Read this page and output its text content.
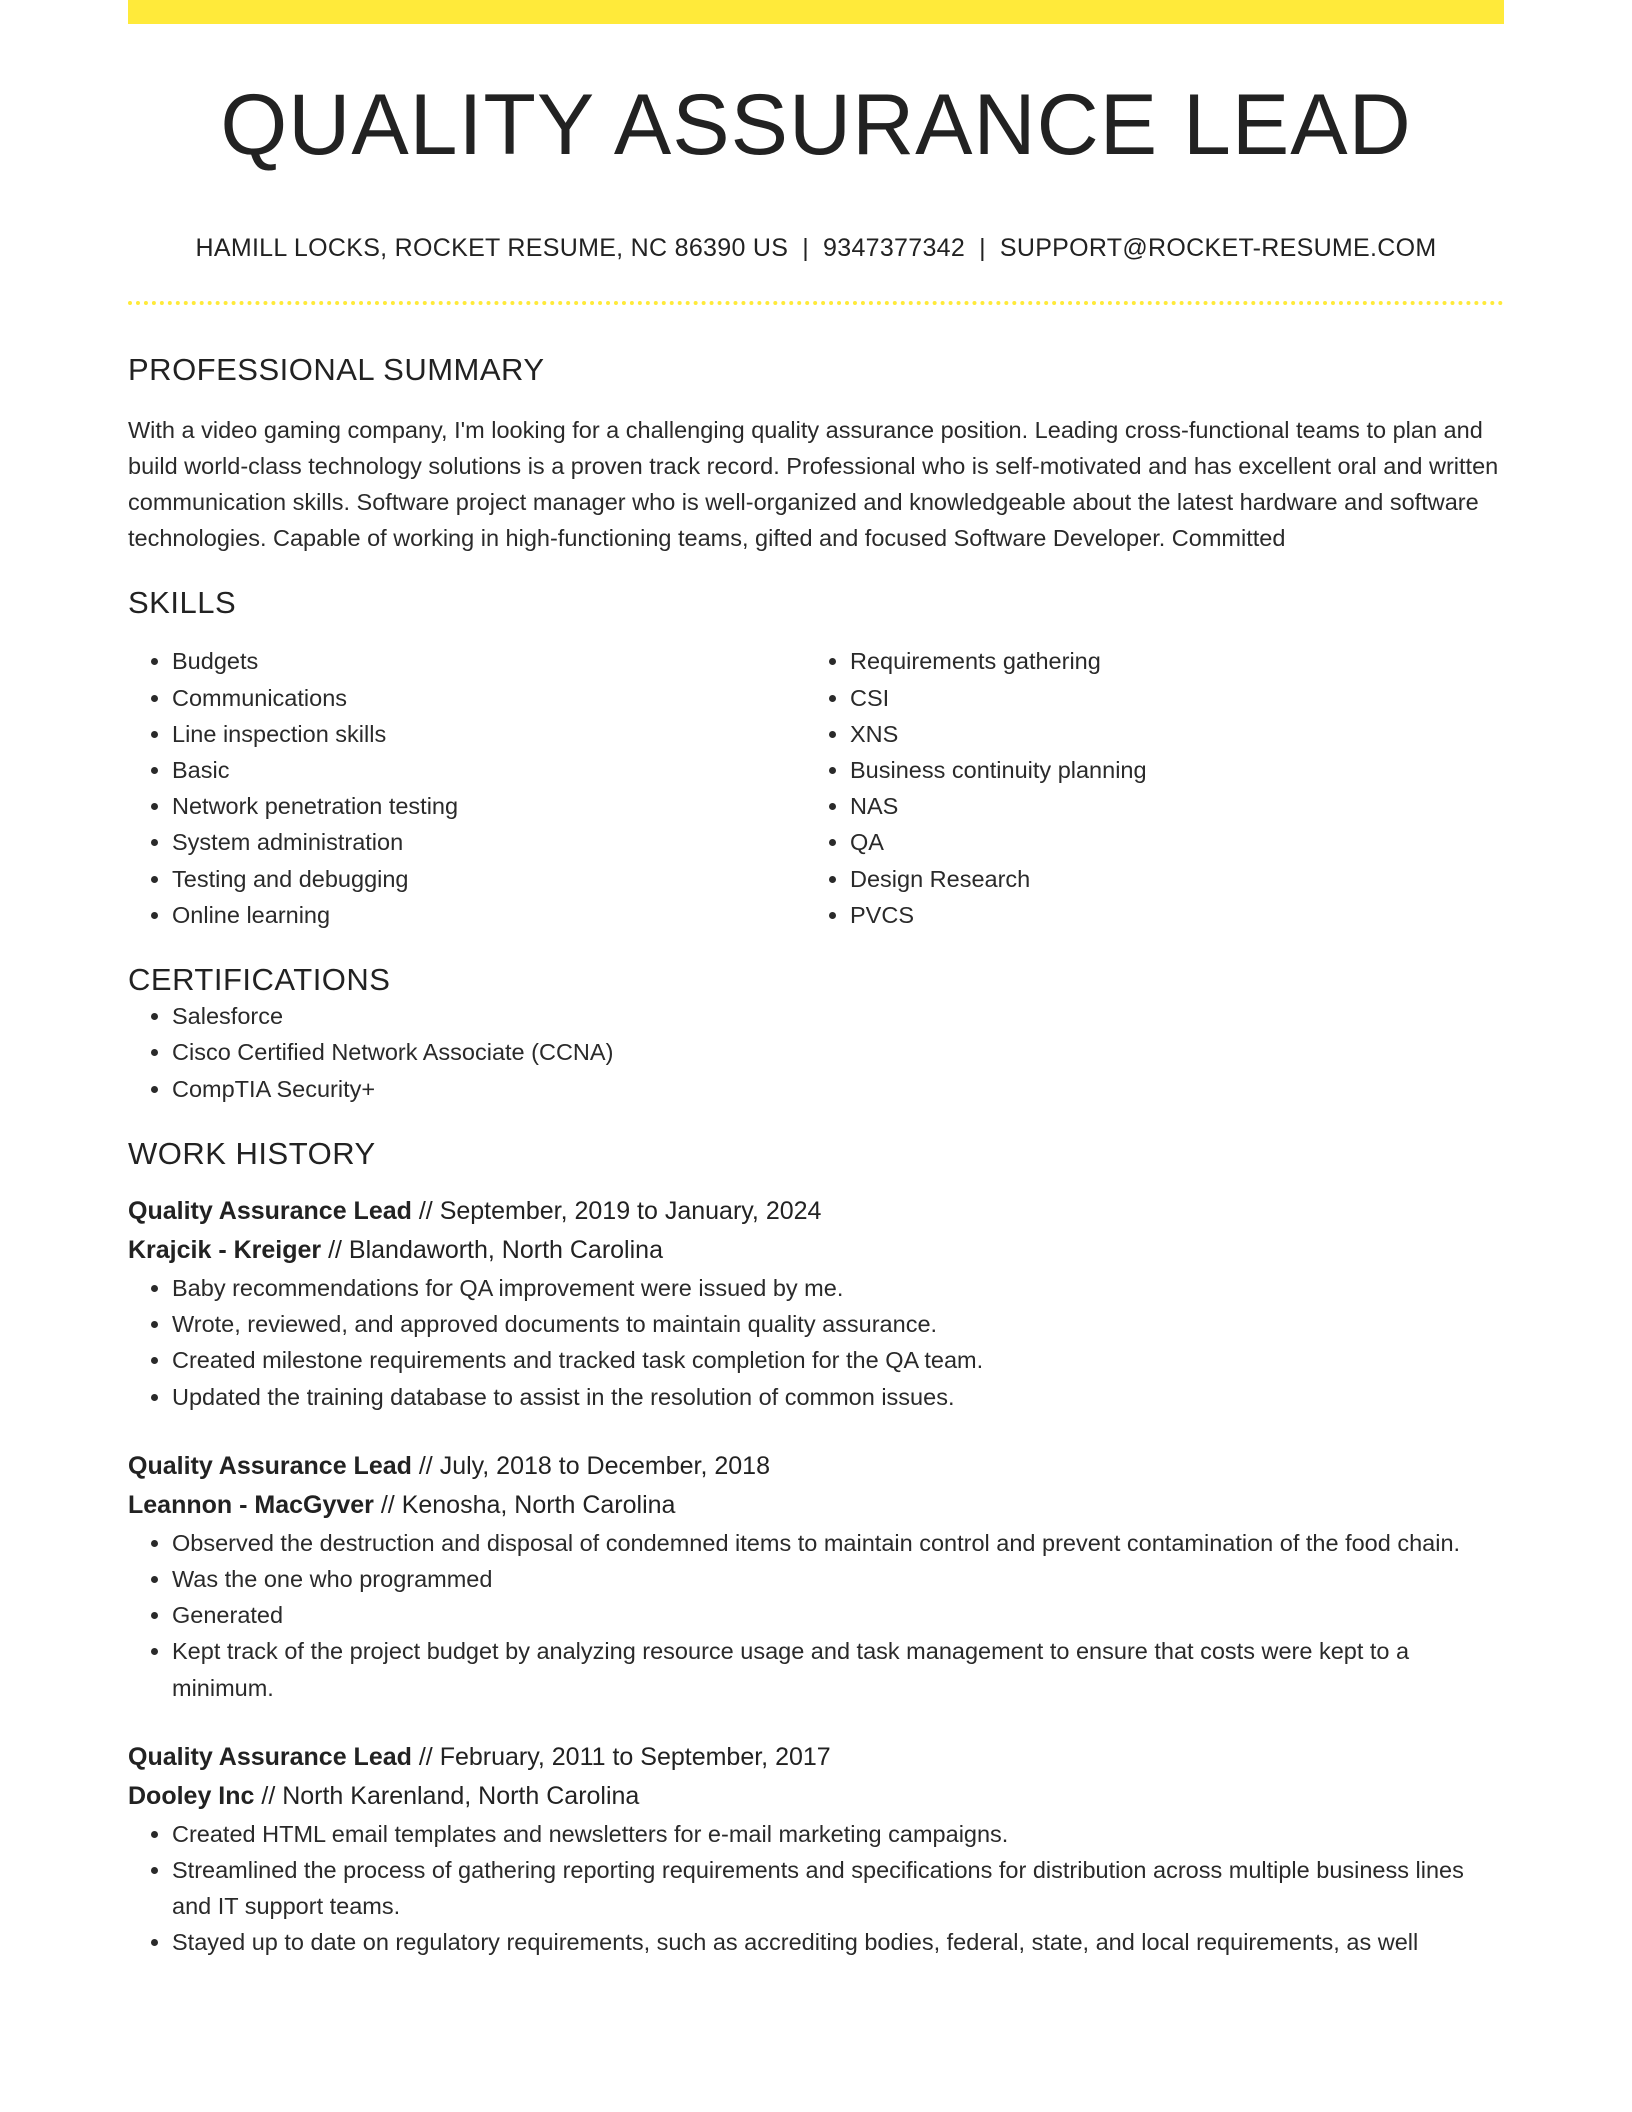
QUALITY ASSURANCE LEAD
HAMILL LOCKS, ROCKET RESUME, NC 86390 US | 9347377342 | SUPPORT@ROCKET-RESUME.COM
PROFESSIONAL SUMMARY

With a video gaming company, I'm looking for a challenging quality assurance position. Leading cross-functional teams to plan and build world-class technology solutions is a proven track record. Professional who is self-motivated and has excellent oral and written communication skills. Software project manager who is well-organized and knowledgeable about the latest hardware and software technologies. Capable of working in high-functioning teams, gifted and focused Software Developer. Committed

SKILLS
• Budgets
• Communications
• Line inspection skills
• Basic
• Network penetration testing
• System administration
• Testing and debugging
• Online learning
• Requirements gathering
• CSI
• XNS
• Business continuity planning
• NAS
• QA
• Design Research
• PVCS
CERTIFICATIONS
• Salesforce
• Cisco Certified Network Associate (CCNA)
• CompTIA Security+
WORK HISTORY
Quality Assurance Lead // September, 2019 to January, 2024
Krajcik - Kreiger // Blandaworth, North Carolina
• Baby recommendations for QA improvement were issued by me.
• Wrote, reviewed, and approved documents to maintain quality assurance.
• Created milestone requirements and tracked task completion for the QA team.
• Updated the training database to assist in the resolution of common issues.
Quality Assurance Lead // July, 2018 to December, 2018
Leannon - MacGyver // Kenosha, North Carolina
• Observed the destruction and disposal of condemned items to maintain control and prevent contamination of the food chain.
• Was the one who programmed
• Generated
• Kept track of the project budget by analyzing resource usage and task management to ensure that costs were kept to a minimum.
Quality Assurance Lead // February, 2011 to September, 2017
Dooley Inc // North Karenland, North Carolina
• Created HTML email templates and newsletters for e-mail marketing campaigns.
• Streamlined the process of gathering reporting requirements and specifications for distribution across multiple business lines and IT support teams.
• Stayed up to date on regulatory requirements, such as accrediting bodies, federal, state, and local requirements, as well
